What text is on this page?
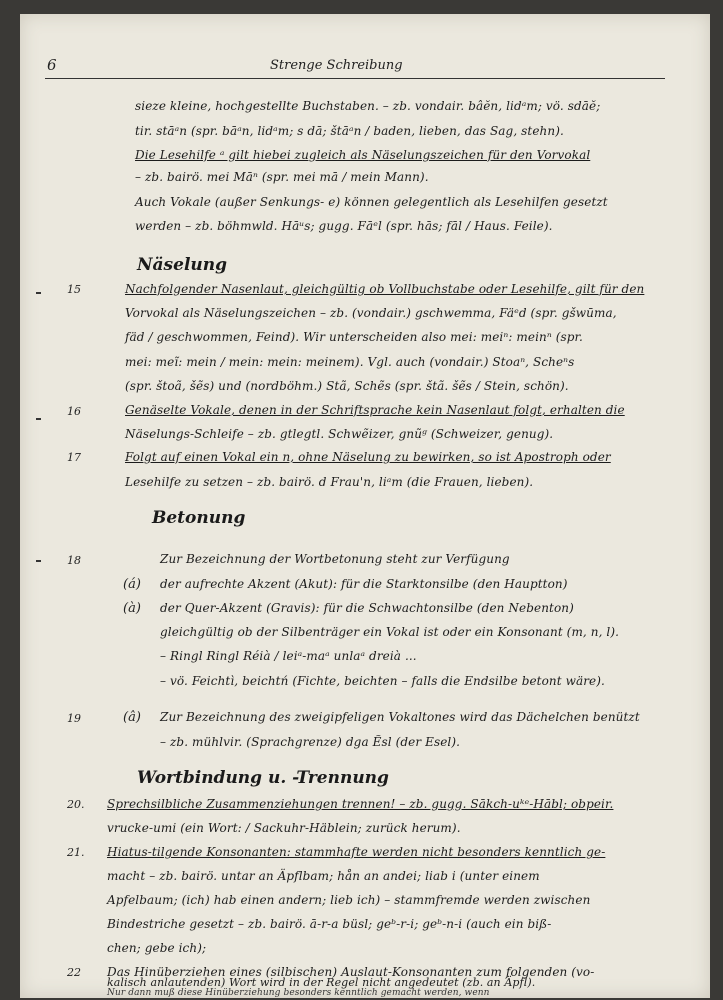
6	Strenge Schreibung
sieze kleine, hochgestellte Buchstaben. – zb. vondair. bâĕn, lidᵃm; vö. sdāĕ;
tir. stāᵃn (spr. bāᵃn, lidᵃm; s dā; štāᵃn / baden, lieben, das Sag, stehn).
Die Lesehilfe ᵃ gilt hiebei zugleich als Näselungszeichen für den Vorvokal
– zb. bairö. mei Māⁿ (spr. mei mā / mein Mann).
Auch Vokale (außer Senkungs- e) können gelegentlich als Lesehilfen gesetzt
werden – zb. böhmwld. Hāᵘs; gugg. Fāᵉl (spr. hās; fāl / Haus. Feile).
Näselung
15	Nachfolgender Nasenlaut, gleichgültig ob Vollbuchstabe oder Lesehilfe, gilt für den
Vorvokal als Näselungszeichen – zb. (vondair.) gschwemma, Fäᵉd (spr. gšwūma,
fäd / geschwommen, Feind). Wir unterscheiden also mei: meiⁿ: meinⁿ (spr.
mei: meĩ: mein / mein: mein: meinem). Vgl. auch (vondair.) Stoaⁿ, Scheⁿs
(spr. štoã, šẽs) und (nordböhm.) Stã, Schẽs (spr. štã. šẽs / Stein, schön).
16	Genäselte Vokale, denen in der Schriftsprache kein Nasenlaut folgt, erhalten die
Näselungs-Schleife – zb. gtlegtl. Schwẽizer, gnũᵍ (Schweizer, genug).
17	Folgt auf einen Vokal ein n, ohne Näselung zu bewirken, so ist Apostroph oder
Lesehilfe zu setzen – zb. bairö. d Frau'n, liᵃm (die Frauen, lieben).
Betonung
18	Zur Bezeichnung der Wortbetonung steht zur Verfügung
(á) der aufrechte Akzent (Akut): für die Starktonsilbe (den Hauptton)
(à) der Quer-Akzent (Gravis): für die Schwachtonsilbe (den Nebenton)
gleichgültig ob der Silbenträger ein Vokal ist oder ein Konsonant (m, n, l).
– Ringl Ringl Réià / leiᵃ-maᵃ unlaᵃ dreià ...
– vö. Feichtì, beichtń (Fichte, beichten – falls die Endsilbe betont wäre).
19	(â) Zur Bezeichnung des zweigipfeligen Vokaltones wird das Dächelchen benützt
– zb. mühlvir. (Sprachgrenze) dga Ẽsl (der Esel).
Wortbindung u. -Trennung
20. Sprechsilbliche Zusammenziehungen trennen! – zb. gugg. Sākch-uᵏᵉ-Hābl; obpeir.
vrucke-umi (ein Wort: / Sackuhr-Häblein; zurück herum).
21. Hiatus-tilgende Konsonanten: stammhafte werden nicht besonders kenntlich ge-
macht – zb. bairö. untar an Äpflbam; hån an andei; liab i (unter einem
Apfelbaum; (ich) hab einen andern; lieb ich) – stammfremde werden zwischen
Bindestriche gesetzt – zb. bairö. ā-r-a büsl; geᵇ-r-i; geᵇ-n-i (auch ein biß-
chen; gebe ich);
22 Das Hinüberziehen eines (silbischen) Auslaut-Konsonanten zum folgenden (vo-
kalisch anlautenden) Wort wird in der Regel nicht angedeutet (zb. an Äpfl).
Nur dann muß diese Hinüberziehung besonders kenntlich gemacht werden, wenn
